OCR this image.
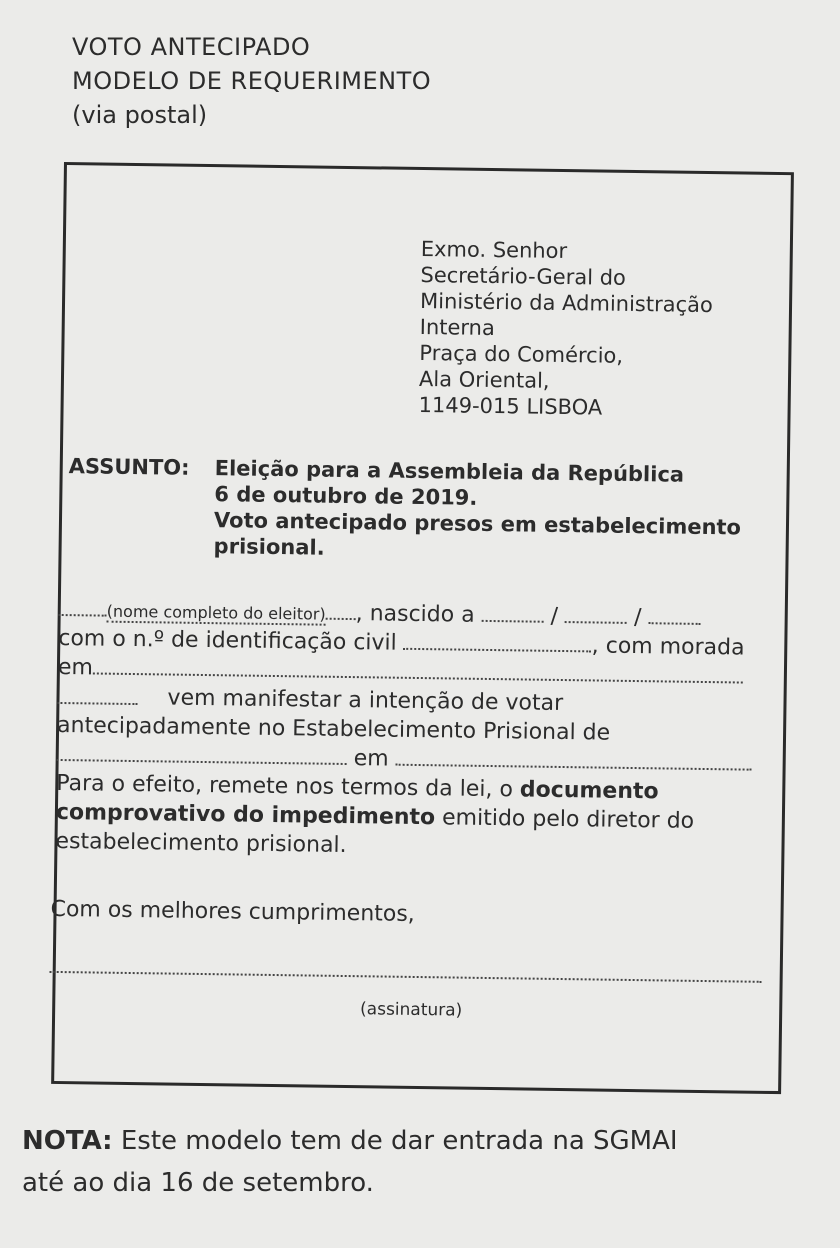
VOTO ANTECIPADO
MODELO DE REQUERIMENTO
(via postal)
Exmo. Senhor
Secretário-Geral do
Ministério da Administração
Interna
Praça do Comércio,
Ala Oriental,
1149-015 LISBOA
ASSUNTO: Eleição para a Assembleia da República
6 de outubro de 2019.
Voto antecipado presos em estabelecimento
prisional.
(nome completo do eleitor) , nascido a	/	/
com o n.º de identificação civil	, com morada
em
vem manifestar a intenção de votar
antecipadamente no Estabelecimento Prisional de
em
Para o efeito, remete nos termos da lei, o documento
comprovativo do impedimento emitido pelo diretor do
estabelecimento prisional.
Com os melhores cumprimentos,
(assinatura)
NOTA: Este modelo tem de dar entrada na SGMAI
até ao dia 16 de setembro.
